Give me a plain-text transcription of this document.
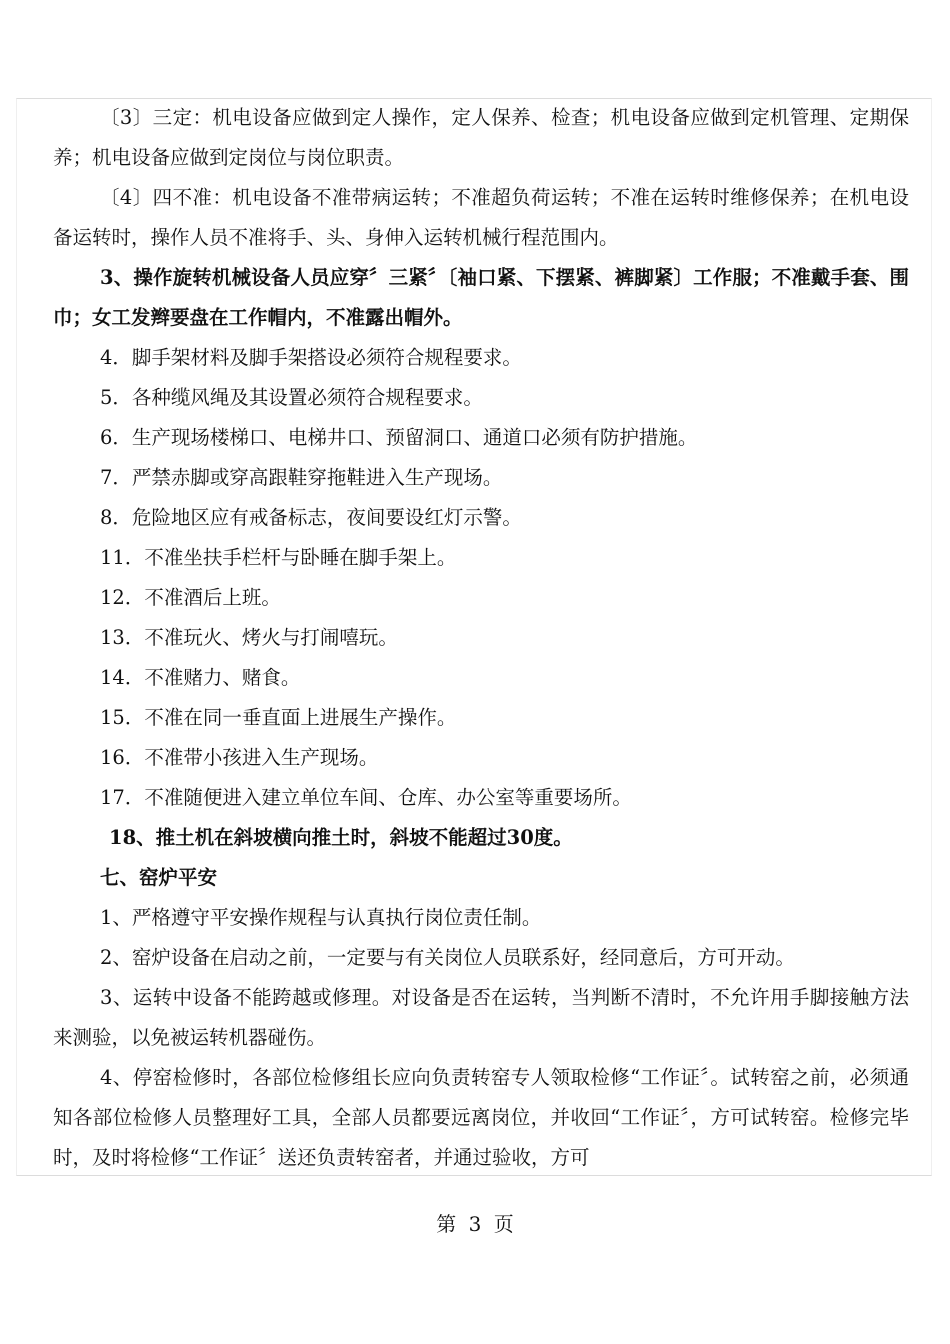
〔3〕三定：机电设备应做到定人操作，定人保养、检查；机电设备应做到定机管理、定期保养；机电设备应做到定岗位与岗位职责。

〔4〕四不准：机电设备不准带病运转；不准超负荷运转；不准在运转时维修保养；在机电设备运转时，操作人员不准将手、头、身伸入运转机械行程范围内。

3、操作旋转机械设备人员应穿〞三紧〞〔袖口紧、下摆紧、裤脚紧〕工作服；不准戴手套、围巾；女工发辫要盘在工作帽内，不准露出帽外。

4．脚手架材料及脚手架搭设必须符合规程要求。

5．各种缆风绳及其设置必须符合规程要求。

6．生产现场楼梯口、电梯井口、预留洞口、通道口必须有防护措施。

7．严禁赤脚或穿高跟鞋穿拖鞋进入生产现场。

8．危险地区应有戒备标志，夜间要设红灯示警。

11．不准坐扶手栏杆与卧睡在脚手架上。

12．不准酒后上班。

13．不准玩火、烤火与打闹嘻玩。

14．不准赌力、赌食。

15．不准在同一垂直面上进展生产操作。

16．不准带小孩进入生产现场。

17．不准随便进入建立单位车间、仓库、办公室等重要场所。

18、推土机在斜坡横向推土时，斜坡不能超过30度。

七、窑炉平安

1、严格遵守平安操作规程与认真执行岗位责任制。

2、窑炉设备在启动之前，一定要与有关岗位人员联系好，经同意后，方可开动。

3、运转中设备不能跨越或修理。对设备是否在运转，当判断不清时，不允许用手脚接触方法来测验，以免被运转机器碰伤。

4、停窑检修时，各部位检修组长应向负责转窑专人领取检修“工作证〞。试转窑之前，必须通知各部位检修人员整理好工具，全部人员都要远离岗位，并收回“工作证〞，方可试转窑。检修完毕时，及时将检修“工作证〞送还负责转窑者，并通过验收，方可

第 3 页
